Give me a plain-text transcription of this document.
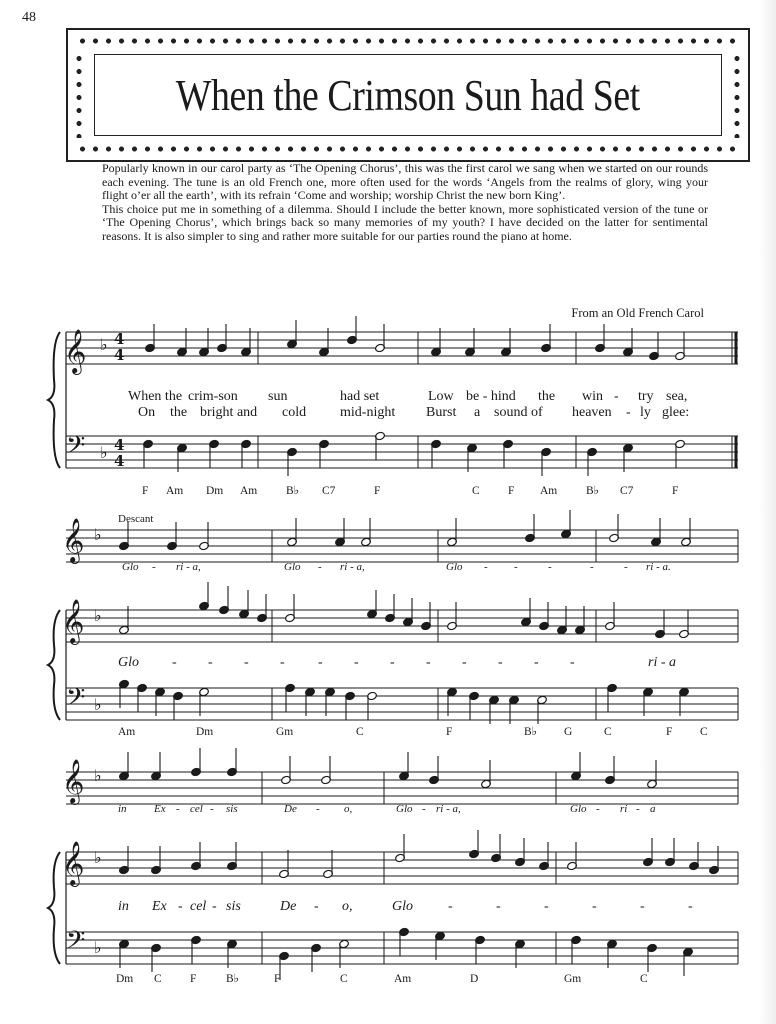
48
When the Crimson Sun had Set

Popularly known in our carol party as ‘The Opening Chorus’, this was the first carol we sang when we started on our rounds each evening. The tune is an old French one, more often used for the words ‘Angels from the realms of glory, wing your flight o’er all the earth’, with its refrain ‘Come and worship; worship Christ the new born King’.

This choice put me in something of a dilemma. Should I include the better known, more sophisticated version of the tune or ‘The Opening Chorus’, which brings back so many memories of my youth? I have decided on the latter for sentimental reasons. It is also simpler to sing and rather more suitable for our parties round the piano at home.

From an Old French Carol
𝄞 ♭ 4
4
𝄢 ♭ 4
4
When the crim-son sun	had set	Low be - hind the win - try sea,
On the bright and cold mid-night Burst a sound of heaven - ly glee:
F Am Dm Am	B♭ C7	F	C F Am	B♭ C7	F
Descant
𝄞 ♭
𝄞 ♭
𝄢 ♭
Glo - ri - a,	Glo - ri - a,	Glo - -	-	-	- ri - a.
Glo - - - - - - - - - - - -	ri - a
Am	Dm	Gm	C	F	B♭ G	C	F C
𝄞 ♭
𝄞 ♭
𝄢 ♭
in Ex - cel - sis	De - o,	Glo - ri - a,	Glo - ri - a
in Ex - cel - sis	De - o,	Glo	-	-	-	-	-	-
Dm C F	B♭	F	C	Am	D	Gm	C
